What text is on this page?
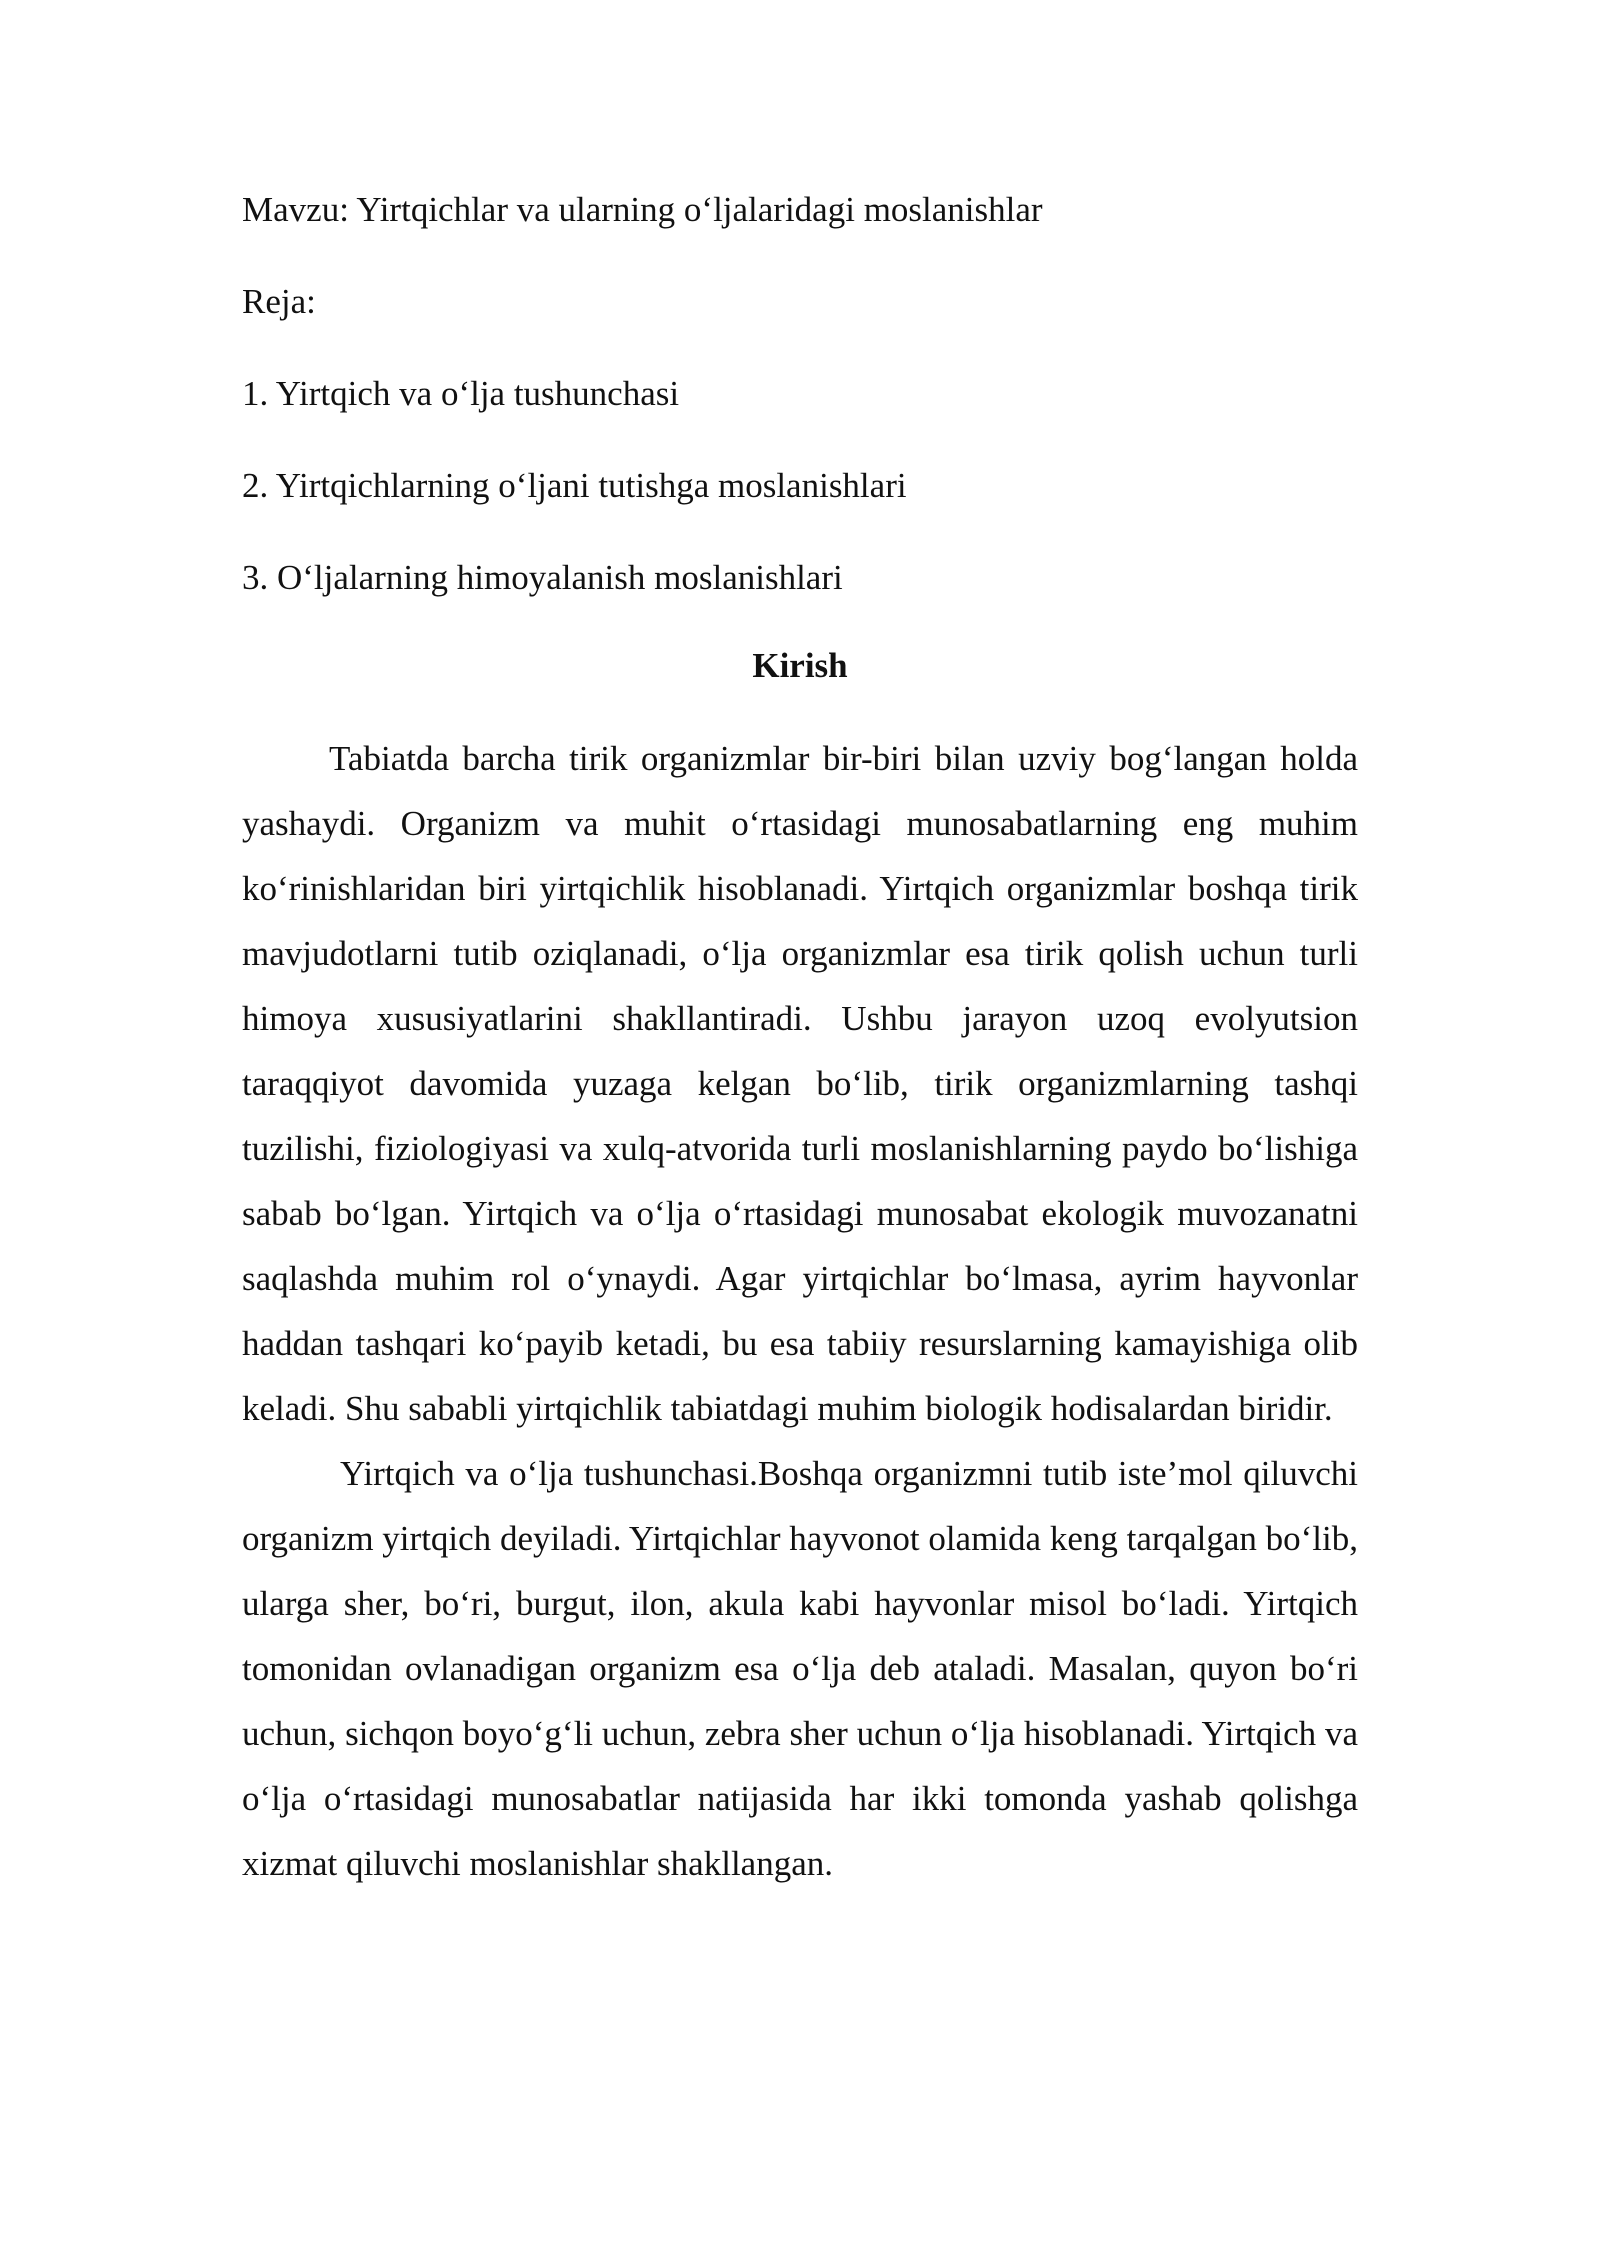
Mavzu: Yirtqichlar va ularning o‘ljalaridagi moslanishlar

Reja:

1. Yirtqich va o‘lja tushunchasi

2. Yirtqichlarning o‘ljani tutishga moslanishlari

3. O‘ljalarning himoyalanish moslanishlari

Kirish

Tabiatda barcha tirik organizmlar bir-biri bilan uzviy bog‘langan holda yashaydi. Organizm va muhit o‘rtasidagi munosabatlarning eng muhim ko‘rinishlaridan biri yirtqichlik hisoblanadi. Yirtqich organizmlar boshqa tirik mavjudotlarni tutib oziqlanadi, o‘lja organizmlar esa tirik qolish uchun turli himoya xususiyatlarini shakllantiradi. Ushbu jarayon uzoq evolyutsion taraqqiyot davomida yuzaga kelgan bo‘lib, tirik organizmlarning tashqi tuzilishi, fiziologiyasi va xulq-atvorida turli moslanishlarning paydo bo‘lishiga sabab bo‘lgan. Yirtqich va o‘lja o‘rtasidagi munosabat ekologik muvozanatni saqlashda muhim rol o‘ynaydi. Agar yirtqichlar bo‘lmasa, ayrim hayvonlar haddan tashqari ko‘payib ketadi, bu esa tabiiy resurslarning kamayishiga olib keladi. Shu sababli yirtqichlik tabiatdagi muhim biologik hodisalardan biridir.

Yirtqich va o‘lja tushunchasi.Boshqa organizmni tutib iste’mol qiluvchi organizm yirtqich deyiladi. Yirtqichlar hayvonot olamida keng tarqalgan bo‘lib, ularga sher, bo‘ri, burgut, ilon, akula kabi hayvonlar misol bo‘ladi. Yirtqich tomonidan ovlanadigan organizm esa o‘lja deb ataladi. Masalan, quyon bo‘ri uchun, sichqon boyo‘g‘li uchun, zebra sher uchun o‘lja hisoblanadi. Yirtqich va o‘lja o‘rtasidagi munosabatlar natijasida har ikki tomonda yashab qolishga xizmat qiluvchi moslanishlar shakllangan.
